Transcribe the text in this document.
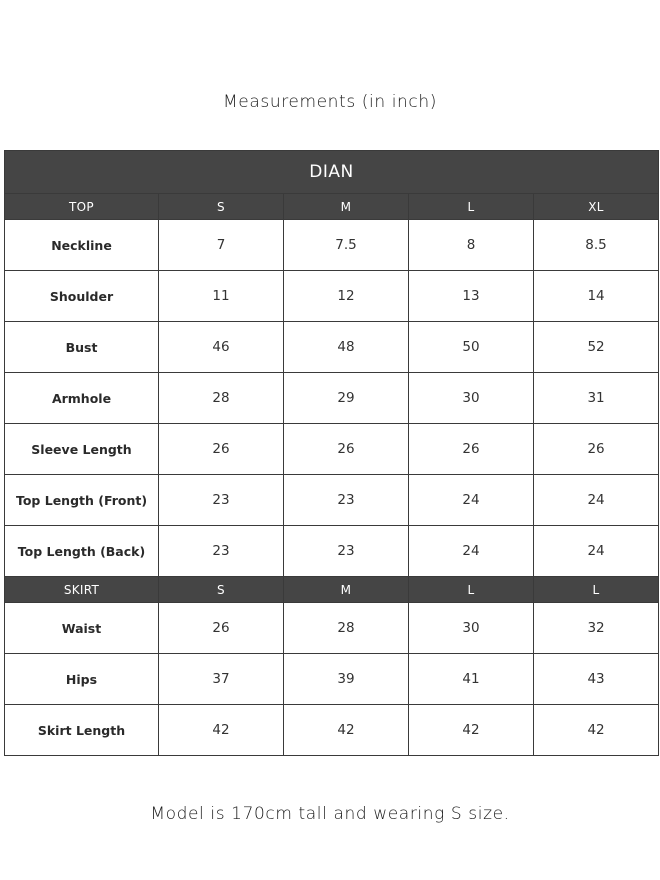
Measurements (in inch)
DIAN				
TOP	S	M	L	XL
Neckline	7	7.5	8	8.5
Shoulder	11	12	13	14
Bust	46	48	50	52
Armhole	28	29	30	31
Sleeve Length	26	26	26	26
Top Length (Front)	23	23	24	24
Top Length (Back)	23	23	24	24
SKIRT	S	M	L	L
Waist	26	28	30	32
Hips	37	39	41	43
Skirt Length	42	42	42	42
Model is 170cm tall and wearing S size.
